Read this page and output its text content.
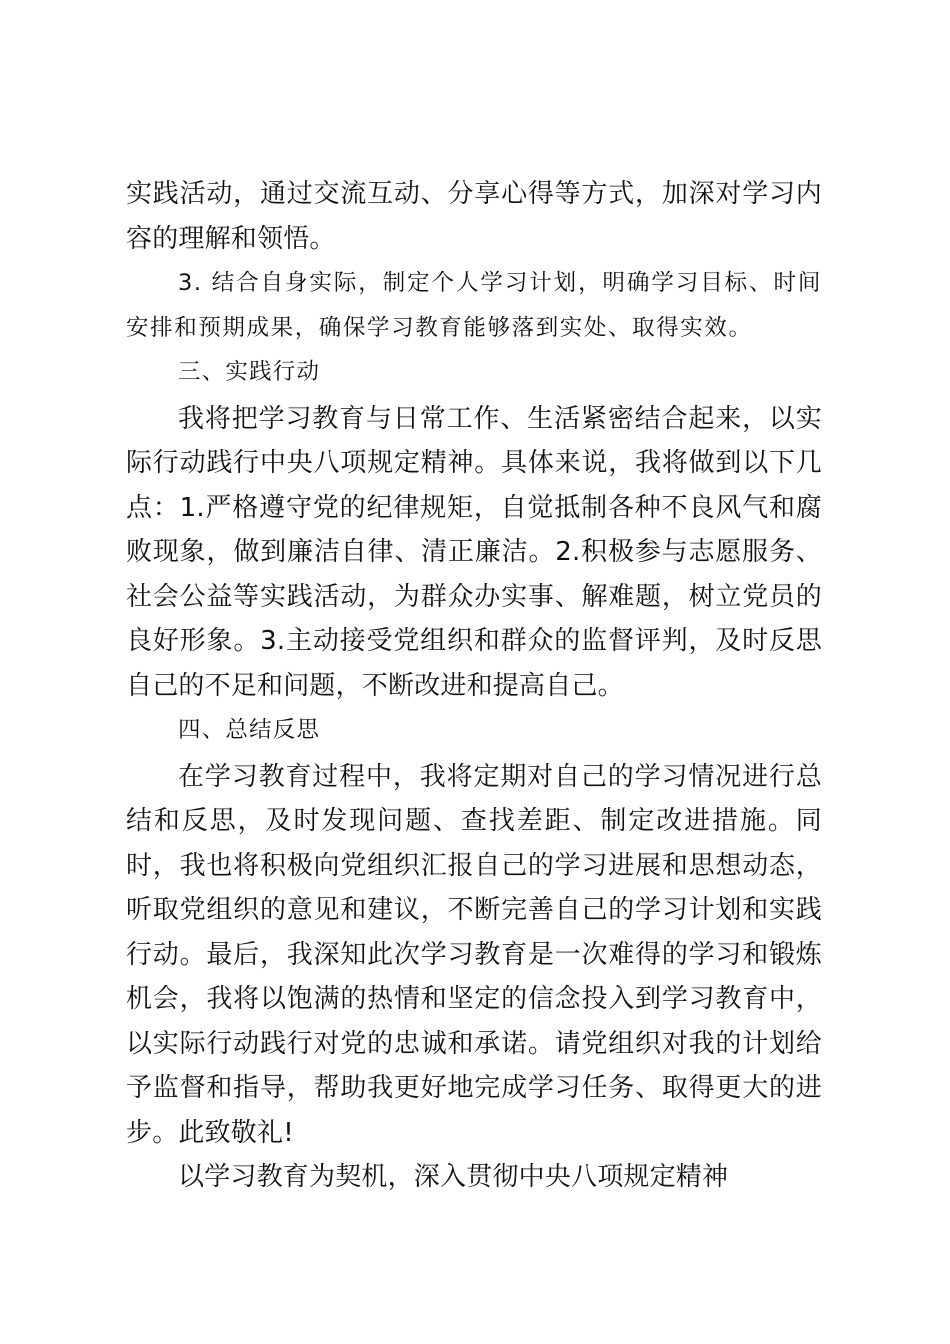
实践活动，通过交流互动、分享心得等方式，加深对学习内容的理解和领悟。

3. 结合自身实际，制定个人学习计划，明确学习目标、时间安排和预期成果，确保学习教育能够落到实处、取得实效。

三、实践行动

我将把学习教育与日常工作、生活紧密结合起来，以实际行动践行中央八项规定精神。具体来说，我将做到以下几点：1.严格遵守党的纪律规矩，自觉抵制各种不良风气和腐败现象，做到廉洁自律、清正廉洁。2.积极参与志愿服务、社会公益等实践活动，为群众办实事、解难题，树立党员的良好形象。3.主动接受党组织和群众的监督评判，及时反思自己的不足和问题，不断改进和提高自己。

四、总结反思

在学习教育过程中，我将定期对自己的学习情况进行总结和反思，及时发现问题、查找差距、制定改进措施。同时，我也将积极向党组织汇报自己的学习进展和思想动态，听取党组织的意见和建议，不断完善自己的学习计划和实践行动。最后，我深知此次学习教育是一次难得的学习和锻炼机会，我将以饱满的热情和坚定的信念投入到学习教育中，以实际行动践行对党的忠诚和承诺。请党组织对我的计划给予监督和指导，帮助我更好地完成学习任务、取得更大的进步。此致敬礼!

以学习教育为契机，深入贯彻中央八项规定精神
